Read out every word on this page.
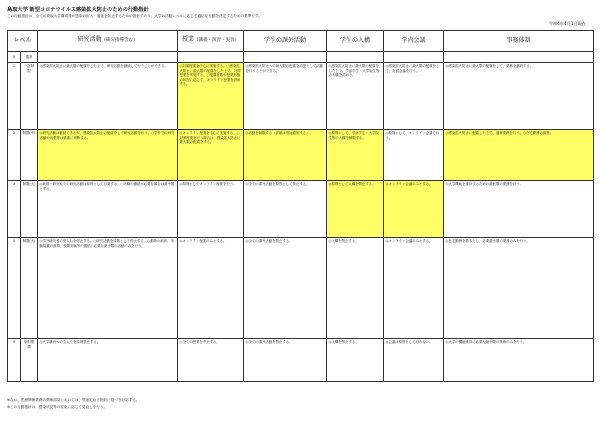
鳥取大学 新型コロナウイルス感染拡大防止のための行動指針
この行動指針は、全ての鳥取大学構成員が感染の拡大・蔓延を防止するための指針であり、大学の活動レベルに応じて適切な行動を決定するための基準です。
令和4年4月1日現在
レベル		研究活動（研究指導含む）	授業（講義・演習・実習）	学生の課外活動	学生の入構	学内会議	事務体制
0	通常						
1	一部制限	◎感染拡大防止に最大限の配慮をした上で、研究活動を継続して行うことができる。	◎対面授業を中心に実施する。○感染拡大防止に最大限の配慮をした上で、対面授業を実施する。○受講者数や授業形態の状況に応じて、オンライン授業を併用する。	◎感染拡大防止への最大限の配慮を前提として活動を行うことができる。	◎感染拡大防止に最大限の配慮をした上で、学部学生・大学院生等の入構を認める。	◎感染拡大防止に最大限の配慮をして、対面会議を行う。	◎感染拡大防止に最大限の配慮をして、業務を継続する。
2	制限(中)	◎研究活動は継続できるが、感染拡大防止の配慮をして研究活動を行う。○学外での研究活動や出張等は慎重に判断する。	◎オンライン授業を中心に実施する。○対面授業を行う場合は、感染拡大防止に最大限の配慮をする。	◎活動を制限する（詳細は別途通知する）。	◎原則として、学部学生・大学院生等の入構を制限する。	◎原則として、オンライン会議で行う。	◎感染拡大防止に配慮した上で、通常業務を行う。○在宅勤務の推進。
3	制限(大)	◎新規・研究室での研究活動は原則として自粛する。○実験の継続が必要な場合は最小限とする。	◎原則としてオンライン授業を行う。	◎全ての課外活動を原則として禁止する。	◎原則として入構を禁止する。	◎オンライン会議のみとする。	◎大学機能を維持するための最低限の業務を行う。
4	制限(大)	◎学外研究者の受入れを停止する。○研究活動を原則として停止する。○動物の飼育、実験装置の維持、長期実験等の継続に必要な最小限の活動のみを行う。	◎オンライン授業のみとする。	◎全ての課外活動を禁止する。	◎入構を禁止する。	◎オンライン会議のみとする。	◎在宅勤務を基本とし、必要最小限の業務のみを行う。
5	原則閉鎖	◎大学構内への立入りを原則禁止する。	◎全ての授業を中止する。	◎全ての課外活動を禁止する。	◎入構を禁止する。	◎会議は原則として行わない。	◎大学の機能維持に必要な最小限の業務のみを行う。
※なお、医療関係業務の関係部局においては、別途定める指針に基づき対応する。
※この行動指針は、感染状況等の変化に応じて見直しを行う。
